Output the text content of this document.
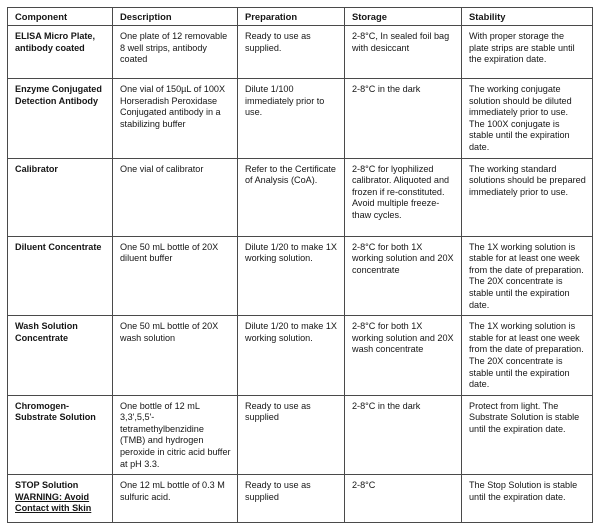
Component	Description	Preparation	Storage	Stability
ELISA Micro Plate, antibody coated	One plate of 12 removable 8 well strips, antibody coated	Ready to use as supplied.	2-8°C, In sealed foil bag with desiccant	With proper storage the plate strips are stable until the expiration date.
Enzyme Conjugated Detection Antibody	One vial of 150µL of 100X Horseradish Peroxidase Conjugated antibody in a stabilizing buffer	Dilute 1/100 immediately prior to use.	2-8°C in the dark	The working conjugate solution should be diluted immediately prior to use. The 100X conjugate is stable until the expiration date.
Calibrator	One vial of calibrator	Refer to the Certificate of Analysis (CoA).	2-8°C for lyophilized calibrator. Aliquoted and frozen if re-constituted. Avoid multiple freeze-thaw cycles.	The working standard solutions should be prepared immediately prior to use.
Diluent Concentrate	One 50 mL bottle of 20X diluent buffer	Dilute 1/20 to make 1X working solution.	2-8°C for both 1X working solution and 20X concentrate	The 1X working solution is stable for at least one week from the date of preparation. The 20X concentrate is stable until the expiration date.
Wash Solution Concentrate	One 50 mL bottle of 20X wash solution	Dilute 1/20 to make 1X working solution.	2-8°C for both 1X working solution and 20X wash concentrate	The 1X working solution is stable for at least one week from the date of preparation. The 20X concentrate is stable until the expiration date.
Chromogen-Substrate Solution	One bottle of 12 mL 3,3',5,5'-tetramethylbenzidine (TMB) and hydrogen peroxide in citric acid buffer at pH 3.3.	Ready to use as supplied	2-8°C in the dark	Protect from light. The Substrate Solution is stable until the expiration date.
STOP Solution WARNING: Avoid Contact with Skin	One 12 mL bottle of 0.3 M sulfuric acid.	Ready to use as supplied	2-8°C	The Stop Solution is stable until the expiration date.
